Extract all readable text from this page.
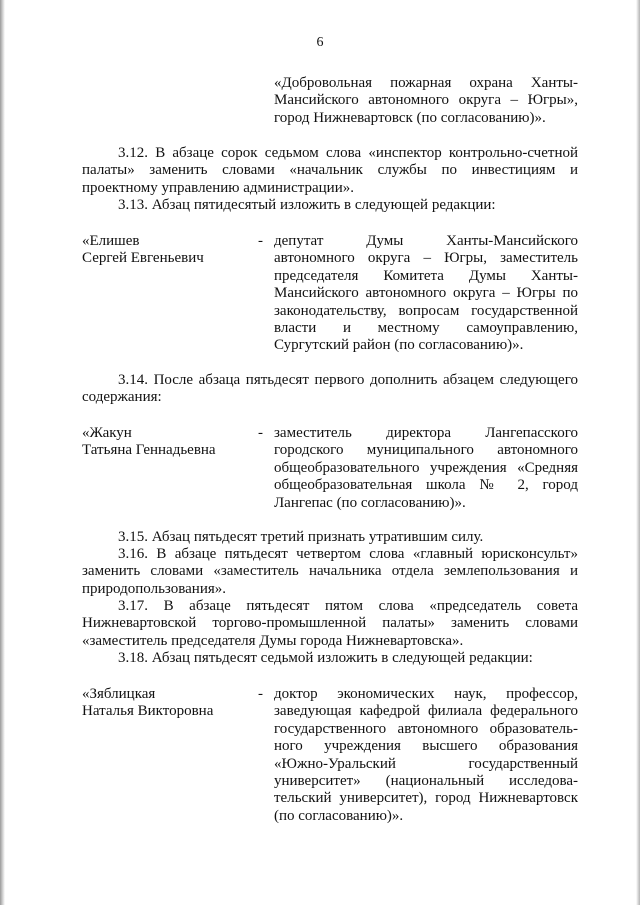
6
«Добровольная пожарная охрана Ханты-
Мансийского автономного округа – Югры»,
город Нижневартовск (по согласованию)».
3.12. В абзаце сорок седьмом слова «инспектор контрольно-счетной
палаты» заменить словами «начальник службы по инвестициям и
проектному управлению администрации».
3.13. Абзац пятидесятый изложить в следующей редакции:
«Елишев
Сергей Евгеньевич
- депутат Думы Ханты-Мансийского
автономного округа – Югры, заместитель
председателя Комитета Думы Ханты-
Мансийского автономного округа – Югры по
законодательству, вопросам государственной
власти и местному самоуправлению,
Сургутский район (по согласованию)».
3.14. После абзаца пятьдесят первого дополнить абзацем следующего
содержания:
«Жакун
Татьяна Геннадьевна
- заместитель директора Лангепасского
городского муниципального автономного
общеобразовательного учреждения «Средняя
общеобразовательная школа № 2, город
Лангепас (по согласованию)».
3.15. Абзац пятьдесят третий признать утратившим силу.
3.16. В абзаце пятьдесят четвертом слова «главный юрисконсульт»
заменить словами «заместитель начальника отдела землепользования и
природопользования».
3.17. В абзаце пятьдесят пятом слова «председатель совета
Нижневартовской торгово-промышленной палаты» заменить словами
«заместитель председателя Думы города Нижневартовска».
3.18. Абзац пятьдесят седьмой изложить в следующей редакции:
«Зяблицкая
Наталья Викторовна
- доктор экономических наук, профессор,
заведующая кафедрой филиала федерального
государственного автономного образователь-
ного учреждения высшего образования
«Южно-Уральский государственный
университет» (национальный исследова-
тельский университет), город Нижневартовск
(по согласованию)».
